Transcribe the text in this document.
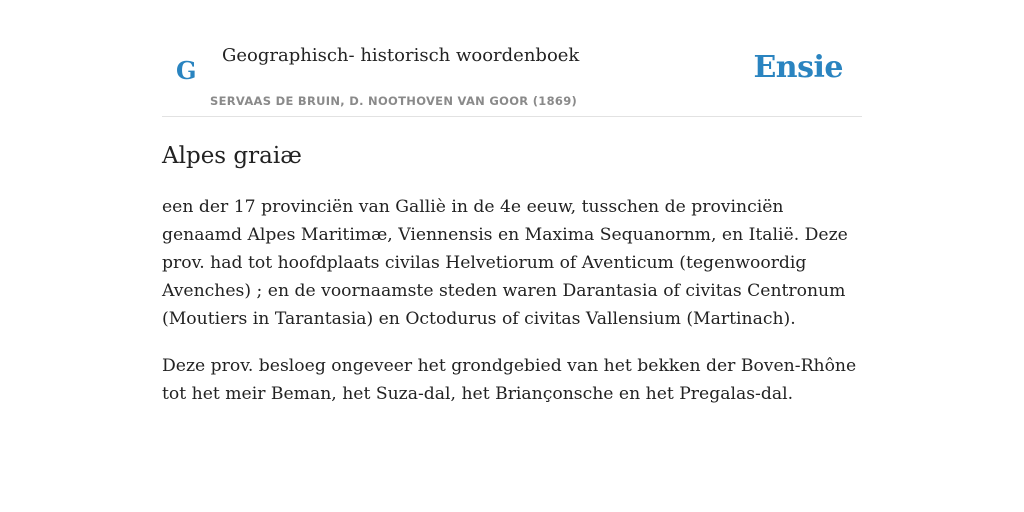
G
Geographisch- historisch woordenboek
SERVAAS DE BRUIN, D. NOOTHOVEN VAN GOOR (1869)
Ensie
Alpes graiæ

een der 17 provinciën van Galliè in de 4e eeuw, tusschen de provinciën genaamd Alpes Maritimæ, Viennensis en Maxima Sequanornm, en Italië. Deze prov. had tot hoofdplaats civilas Helvetiorum of Aventicum (tegenwoordig Avenches) ; en de voornaamste steden waren Darantasia of civitas Centronum (Moutiers in Tarantasia) en Octodurus of civitas Vallensium (Martinach).

Deze prov. besloeg ongeveer het grondgebied van het bekken der Boven-Rhône tot het meir Beman, het Suza-dal, het Briançonsche en het Pregalas-dal.
